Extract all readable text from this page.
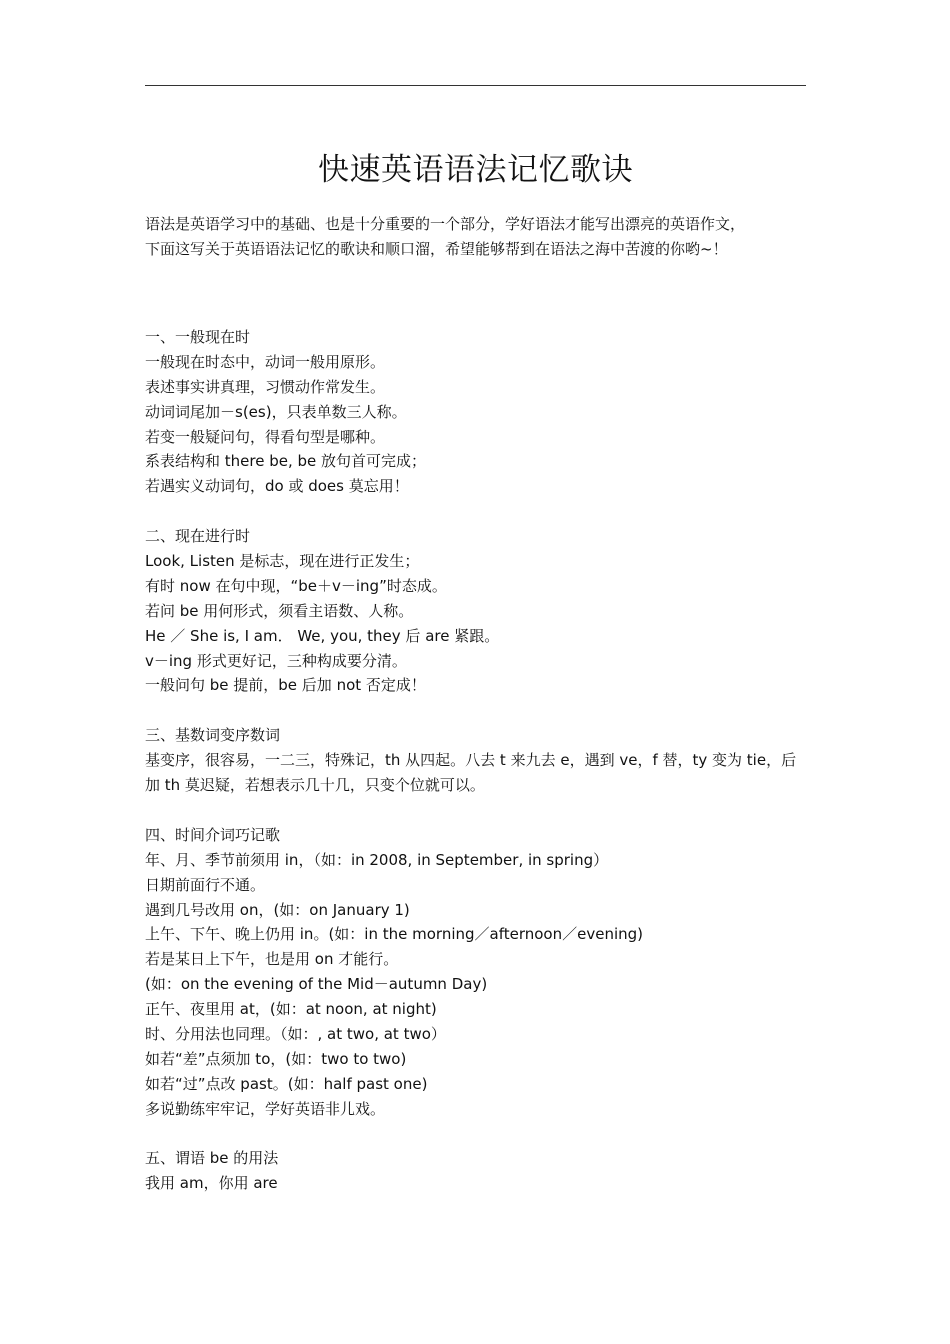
快速英语语法记忆歌诀

语法是英语学习中的基础、也是十分重要的一个部分，学好语法才能写出漂亮的英语作文，

下面这写关于英语语法记忆的歌诀和顺口溜，希望能够帮到在语法之海中苦渡的你哟~！

一、一般现在时

一般现在时态中，动词一般用原形。

表述事实讲真理，习惯动作常发生。

动词词尾加－s(es)，只表单数三人称。

若变一般疑问句，得看句型是哪种。

系表结构和 there be, be 放句首可完成；

若遇实义动词句，do 或 does 莫忘用！

二、现在进行时

Look, Listen 是标志，现在进行正发生；

有时 now 在句中现，“be＋v－ing”时态成。

若问 be 用何形式，须看主语数、人称。

He ／ She is, I am． We, you, they 后 are 紧跟。

v－ing 形式更好记，三种构成要分清。

一般问句 be 提前，be 后加 not 否定成！

三、基数词变序数词

基变序，很容易，一二三，特殊记，th 从四起。八去 t 来九去 e，遇到 ve，f 替，ty 变为 tie，后加 th 莫迟疑，若想表示几十几，只变个位就可以。

四、时间介词巧记歌

年、月、季节前须用 in，（如：in 2008, in September, in spring）

日期前面行不通。

遇到几号改用 on，(如：on January 1)

上午、下午、晚上仍用 in。(如：in the morning／afternoon／evening)

若是某日上下午，也是用 on 才能行。

(如：on the evening of the Mid－autumn Day)

正午、夜里用 at，(如：at noon, at night)

时、分用法也同理。（如：, at two, at two）

如若“差”点须加 to，(如：two to two)

如若“过”点改 past。(如：half past one)

多说勤练牢牢记，学好英语非儿戏。

五、谓语 be 的用法

我用 am，你用 are
